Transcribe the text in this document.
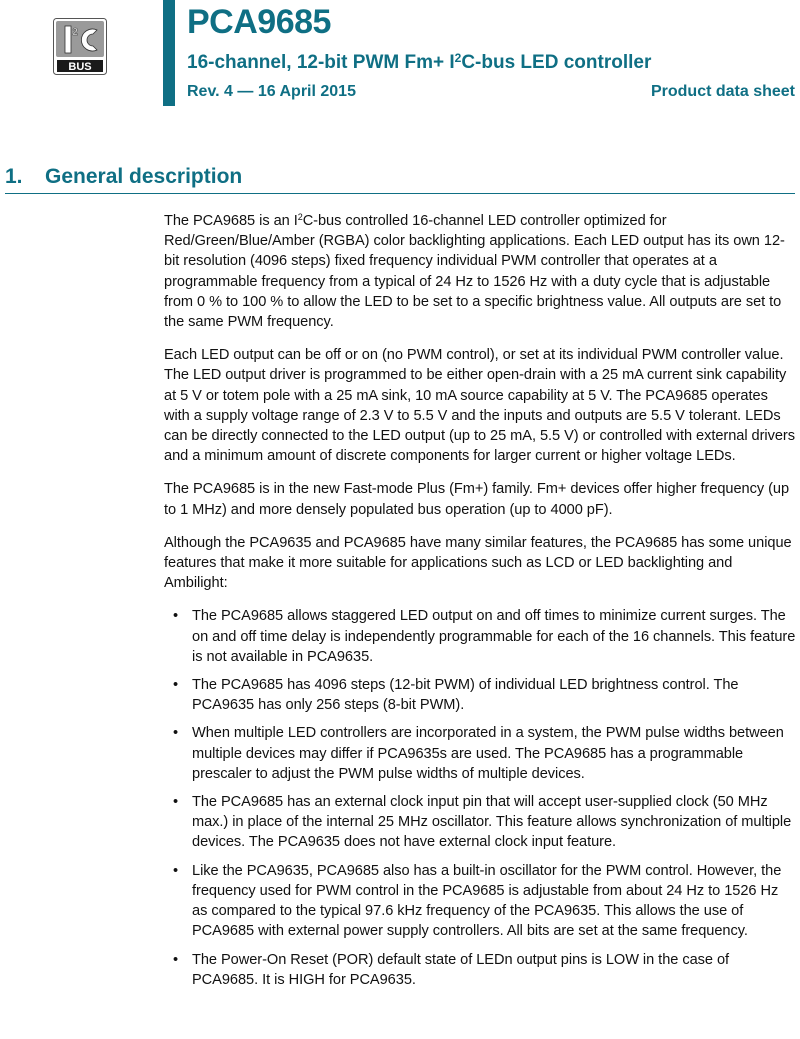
2
BUS
PCA9685
16-channel, 12-bit PWM $Fm+ I^2C$-bus LED controller
Rev. 4 — 16 April 2015	Product data sheet
1. General description

The PCA9685 is an $I^2C$-bus controlled 16-channel LED controller optimized for Red/Green/Blue/Amber (RGBA) color backlighting applications. Each LED output has its own 12-bit resolution (4096 steps) fixed frequency individual PWM controller that operates at a programmable frequency from a typical of 24 Hz to 1526 Hz with a duty cycle that is adjustable from 0 % to 100 % to allow the LED to be set to a specific brightness value. All outputs are set to the same PWM frequency.

Each LED output can be off or on (no PWM control), or set at its individual PWM controller value. The LED output driver is programmed to be either open-drain with a 25 mA current sink capability at 5 V or totem pole with a 25 mA sink, 10 mA source capability at 5 V. The PCA9685 operates with a supply voltage range of 2.3 V to 5.5 V and the inputs and outputs are 5.5 V tolerant. LEDs can be directly connected to the LED output (up to 25 mA, 5.5 V) or controlled with external drivers and a minimum amount of discrete components for larger current or higher voltage LEDs.

The PCA9685 is in the new Fast-mode Plus (Fm+) family. Fm+ devices offer higher frequency (up to 1 MHz) and more densely populated bus operation (up to 4000 pF).

Although the PCA9635 and PCA9685 have many similar features, the PCA9685 has some unique features that make it more suitable for applications such as LCD or LED backlighting and Ambilight:

• The PCA9685 allows staggered LED output on and off times to minimize current surges. The on and off time delay is independently programmable for each of the 16 channels. This feature is not available in PCA9635.
• The PCA9685 has 4096 steps (12-bit PWM) of individual LED brightness control. The PCA9635 has only 256 steps (8-bit PWM).
• When multiple LED controllers are incorporated in a system, the PWM pulse widths between multiple devices may differ if PCA9635s are used. The PCA9685 has a programmable prescaler to adjust the PWM pulse widths of multiple devices.
• The PCA9685 has an external clock input pin that will accept user-supplied clock (50 MHz max.) in place of the internal 25 MHz oscillator. This feature allows synchronization of multiple devices. The PCA9635 does not have external clock input feature.
• Like the PCA9635, PCA9685 also has a built-in oscillator for the PWM control. However, the frequency used for PWM control in the PCA9685 is adjustable from about 24 Hz to 1526 Hz as compared to the typical 97.6 kHz frequency of the PCA9635. This allows the use of PCA9685 with external power supply controllers. All bits are set at the same frequency.
• The Power-On Reset (POR) default state of LEDn output pins is LOW in the case of PCA9685. It is HIGH for PCA9635.
